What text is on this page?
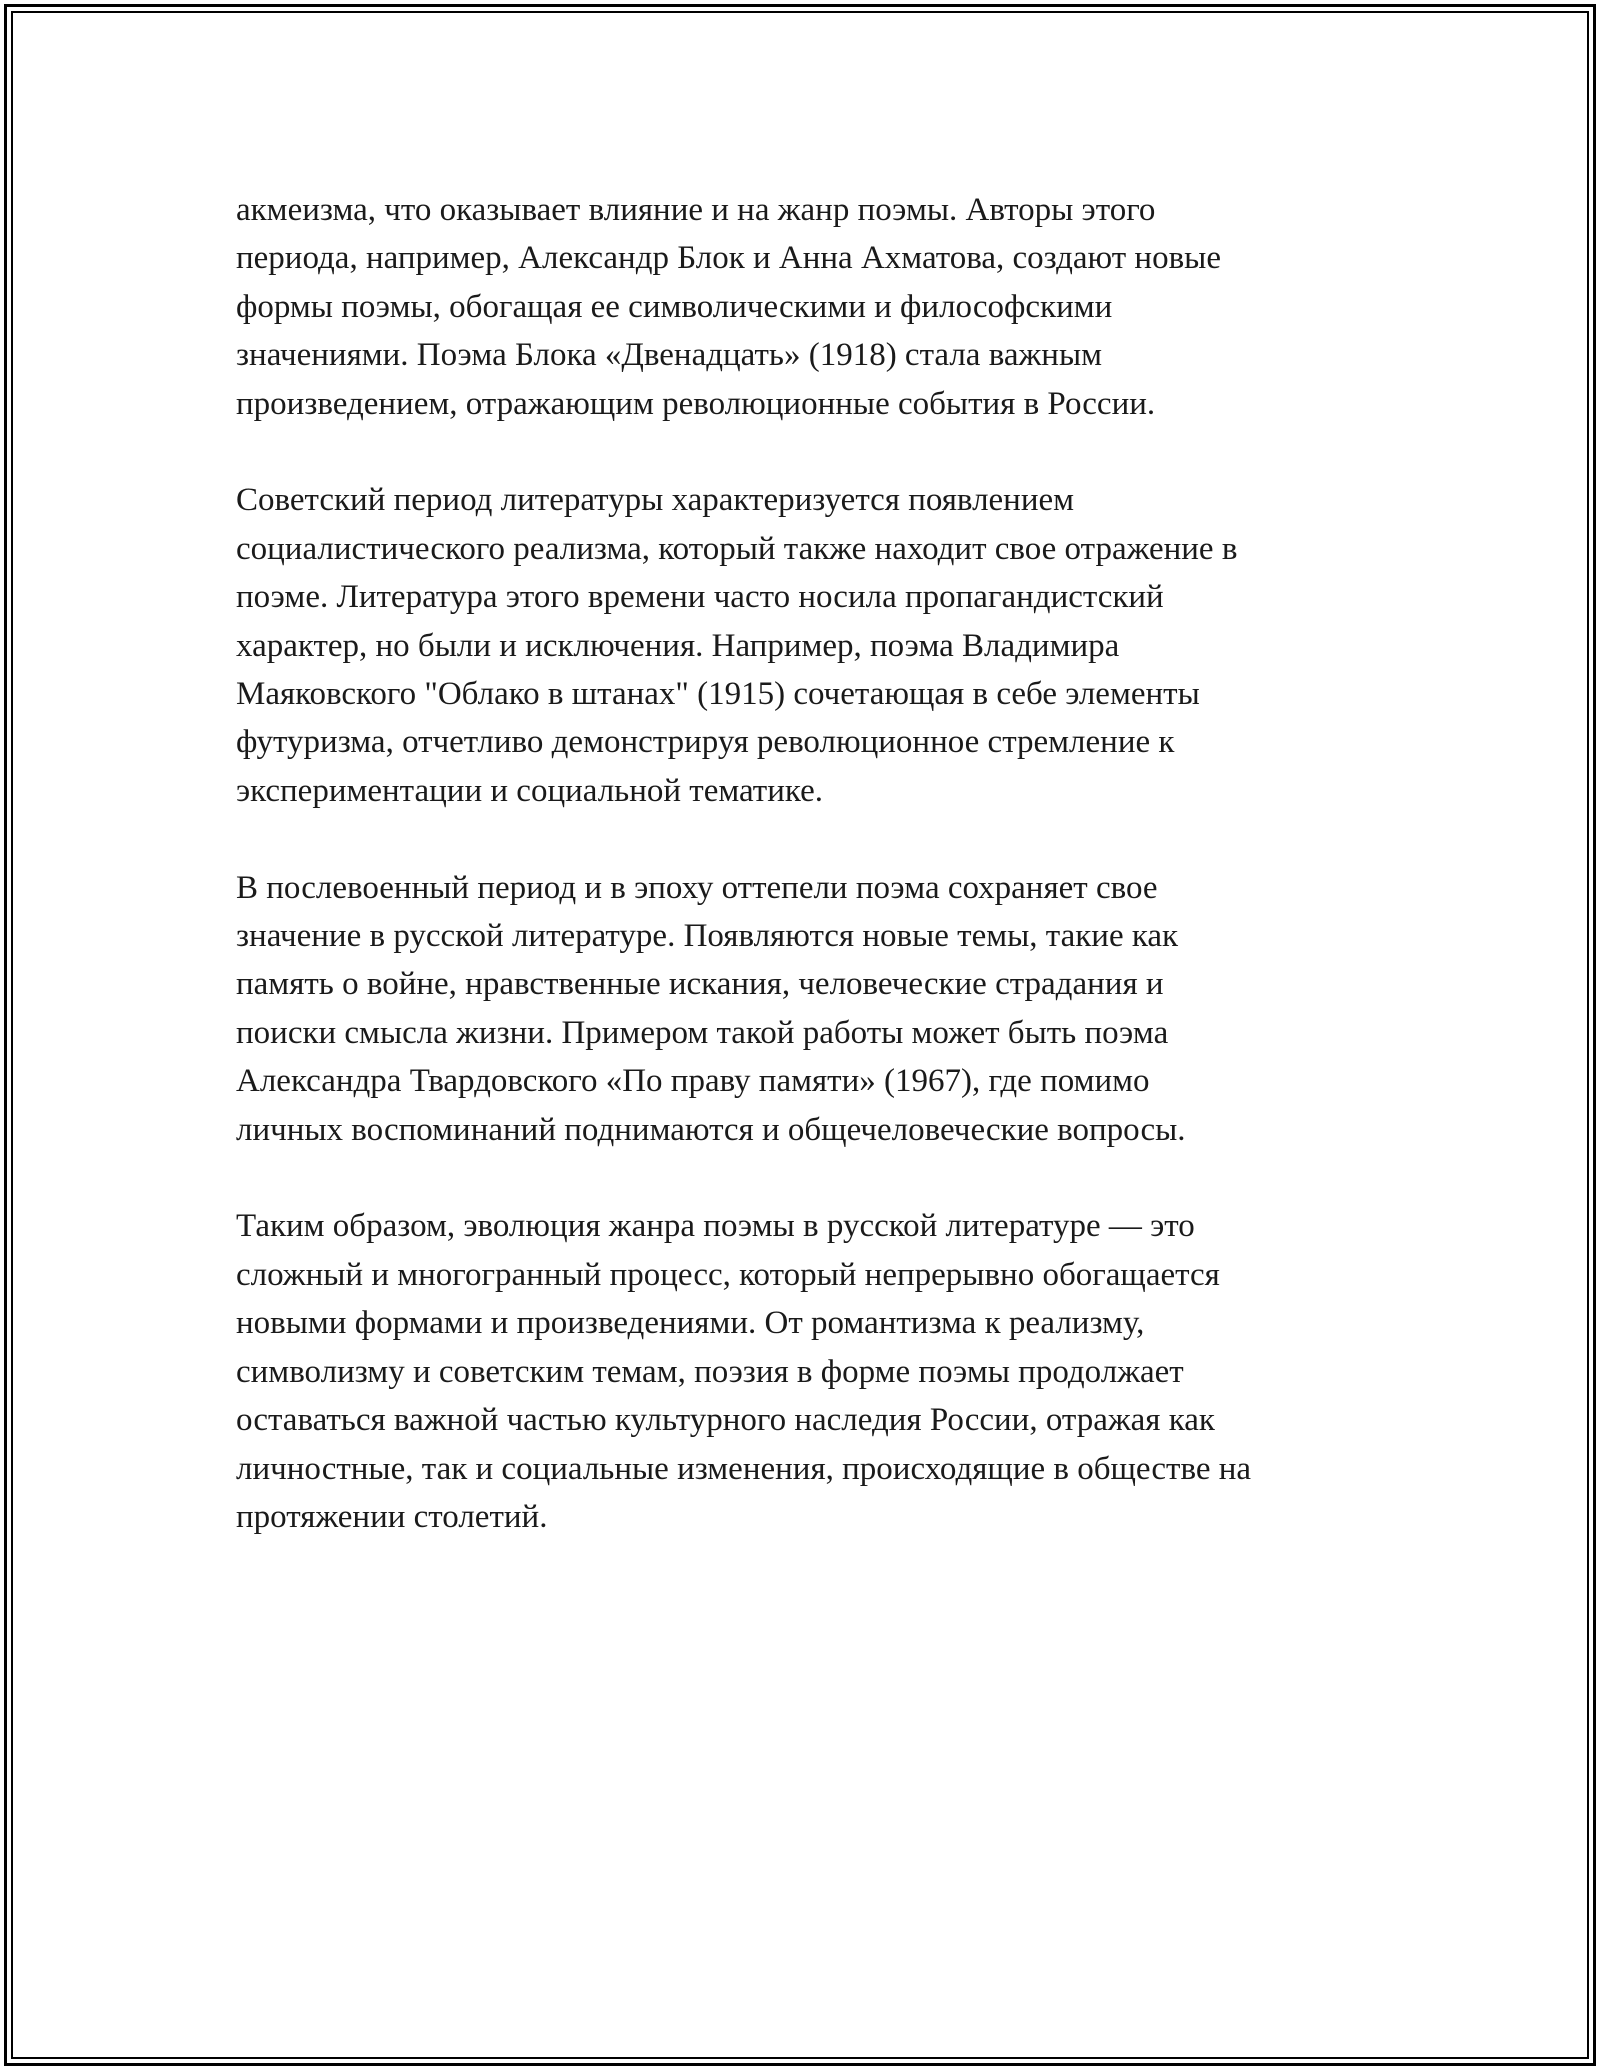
акмеизма, что оказывает влияние и на жанр поэмы. Авторы этого
периода, например, Александр Блок и Анна Ахматова, создают новые
формы поэмы, обогащая ее символическими и философскими
значениями. Поэма Блока «Двенадцать» (1918) стала важным
произведением, отражающим революционные события в России.

Советский период литературы характеризуется появлением
социалистического реализма, который также находит свое отражение в
поэме. Литература этого времени часто носила пропагандистский
характер, но были и исключения. Например, поэма Владимира
Маяковского "Облако в штанах" (1915) сочетающая в себе элементы
футуризма, отчетливо демонстрируя революционное стремление к
экспериментации и социальной тематике.

В послевоенный период и в эпоху оттепели поэма сохраняет свое
значение в русской литературе. Появляются новые темы, такие как
память о войне, нравственные искания, человеческие страдания и
поиски смысла жизни. Примером такой работы может быть поэма
Александра Твардовского «По праву памяти» (1967), где помимо
личных воспоминаний поднимаются и общечеловеческие вопросы.

Таким образом, эволюция жанра поэмы в русской литературе — это
сложный и многогранный процесс, который непрерывно обогащается
новыми формами и произведениями. От романтизма к реализму,
символизму и советским темам, поэзия в форме поэмы продолжает
оставаться важной частью культурного наследия России, отражая как
личностные, так и социальные изменения, происходящие в обществе на
протяжении столетий.
